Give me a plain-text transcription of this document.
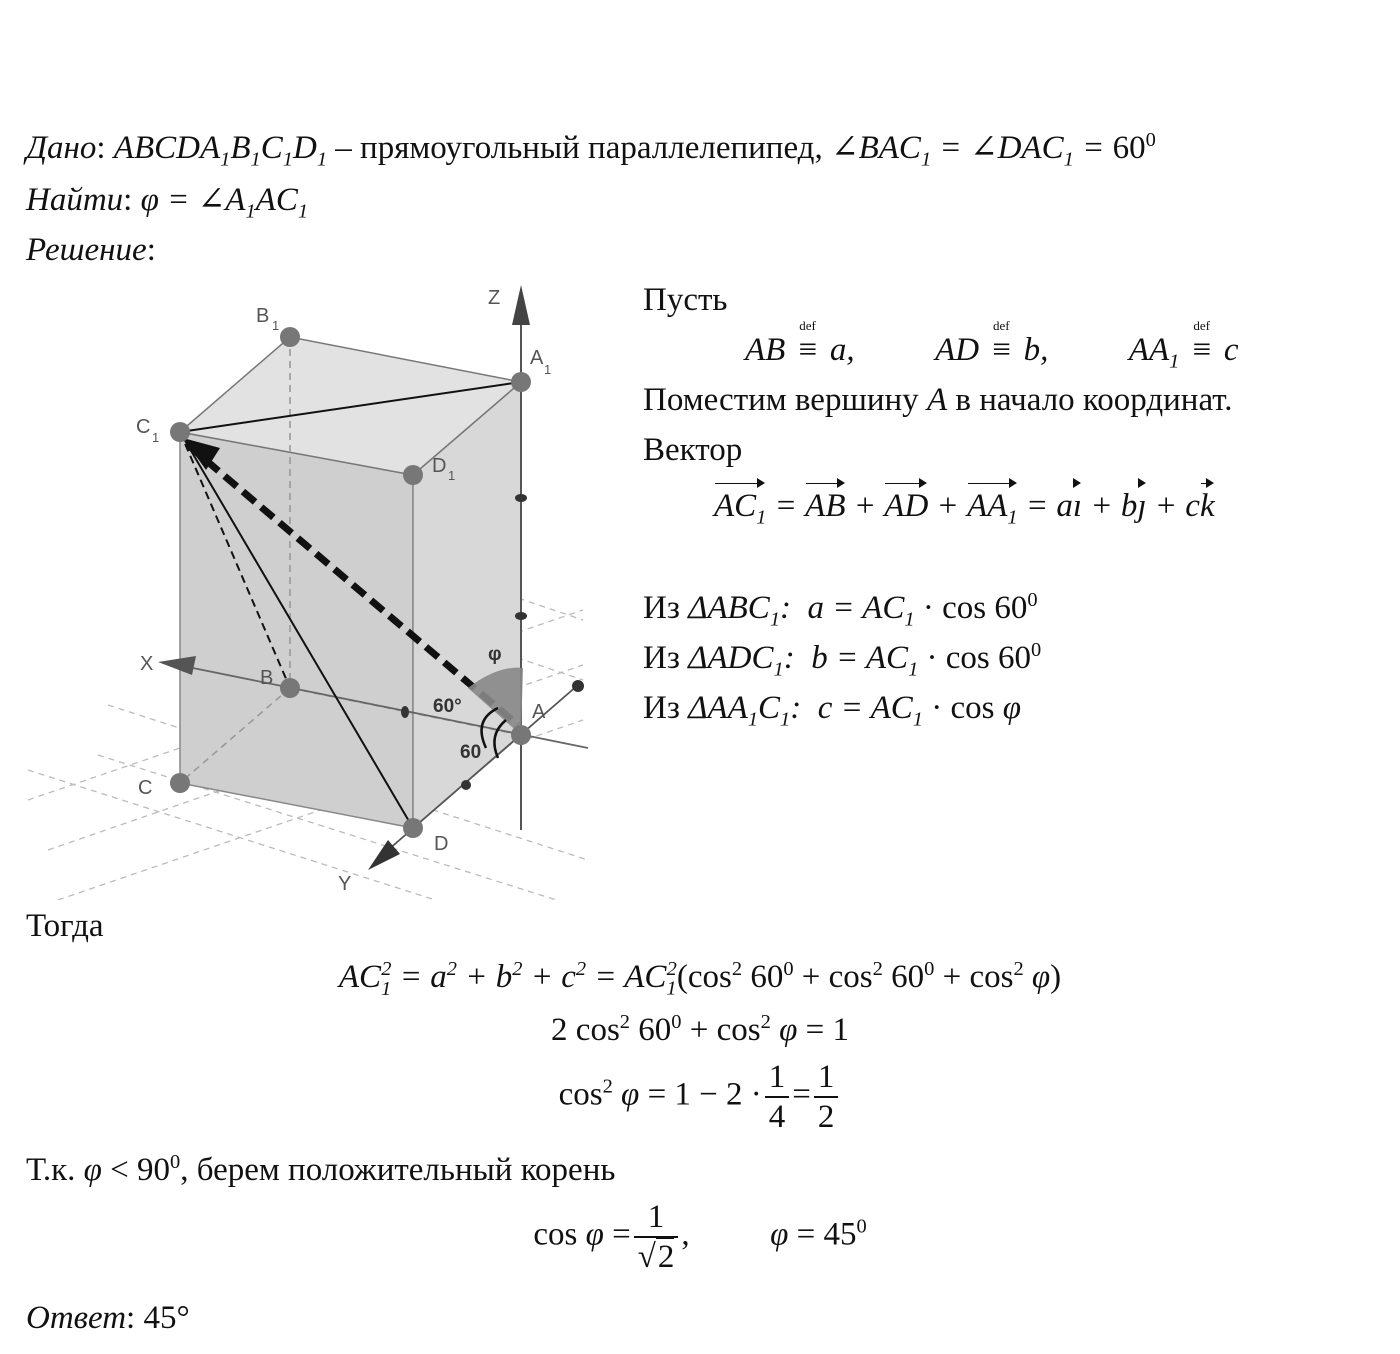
Дано: $ABCDA_1B_1C_1D_1$ – прямоугольный параллелепипед, $\angle BAC_1$ = $\angle DAC_1 = 60^0$
Найти: $\varphi = \angle A_1AC_1$
Решение:
Z
X
Y
B 1
A
1
C 1
D 1
B
A
C
D
φ
60°
60
Пусть
AB
def
≡ a, AD
def
≡ b, $AA_1$
def
≡ c
Поместим вершину A в начало координат.
Вектор
$AC_1$ = AB + AD + $AA_1$ = aı + bȷ + ck
Из $\Delta ABC_1$:  $a = AC_1 \cdot \cos 60^0$
Из $\Delta ADC_1$:  $b = AC_1 \cdot \cos 60^0$
Из $\Delta AA_1C_1$:  $c = AC_1 \cdot \cos \varphi$
Тогда
$AC_1^2 = a^2 + b^2 + c^2 = AC_1^2(\cos^2$ $60^0 + \cos^2 60^0 + \cos^2 \varphi$)
2 $\cos^2 60^0 + \cos^2 \varphi = 1$
$\cos^2 \varphi = 1 - 2 \cdot \frac{1}{4} = \frac{1}{2}$
Т.к. $\varphi < 90^0$, берем положительный корень
$\cos \varphi = \frac{1}{√2}$ ,  $\varphi = 45^0$
Ответ: 45°
